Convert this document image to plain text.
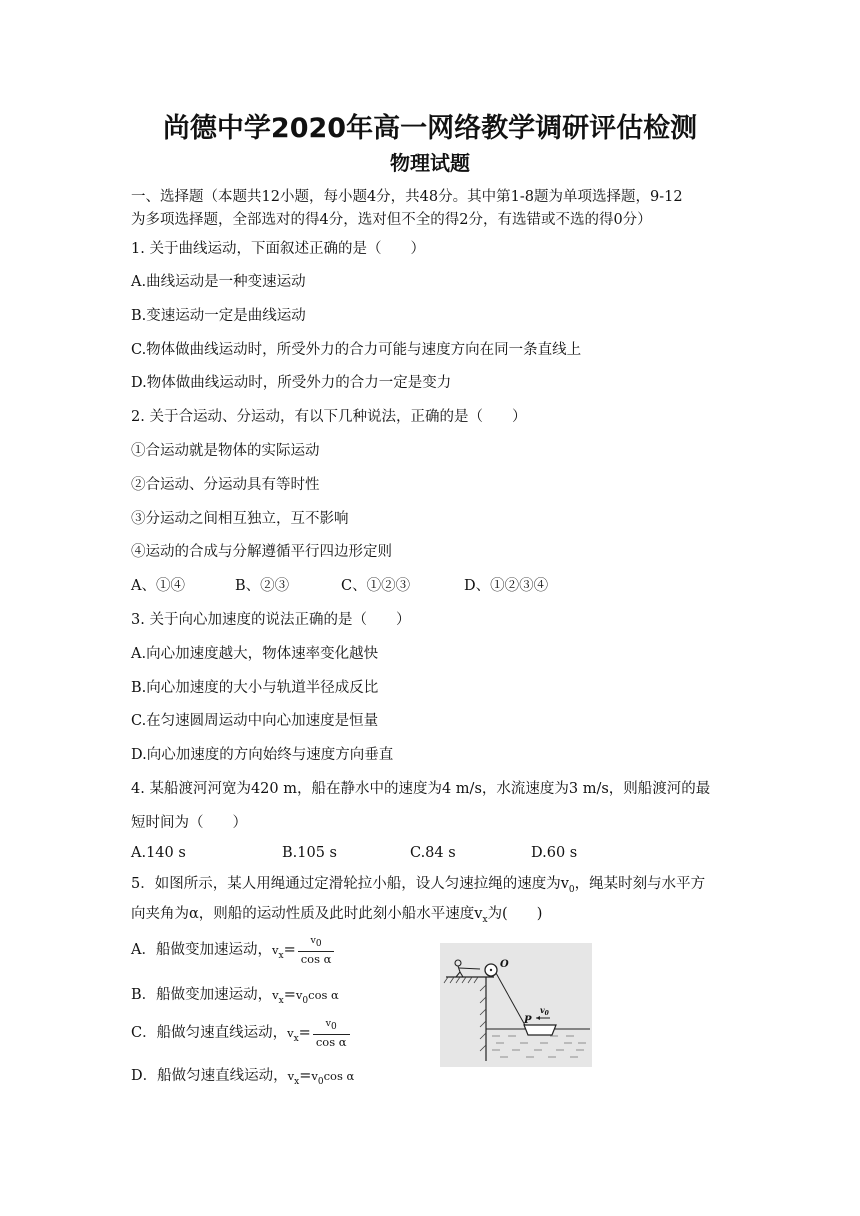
尚德中学2020年高一网络教学调研评估检测
物理试题
一、选择题（本题共12小题，每小题4分，共48分。其中第1-8题为单项选择题，9-12
为多项选择题，全部选对的得4分，选对但不全的得2分，有选错或不选的得0分）
1. 关于曲线运动，下面叙述正确的是（　　）
A.曲线运动是一种变速运动
B.变速运动一定是曲线运动
C.物体做曲线运动时，所受外力的合力可能与速度方向在同一条直线上
D.物体做曲线运动时，所受外力的合力一定是变力
2. 关于合运动、分运动，有以下几种说法，正确的是（　　）
①合运动就是物体的实际运动
②合运动、分运动具有等时性
③分运动之间相互独立，互不影响
④运动的合成与分解遵循平行四边形定则
A、①④	B、②③	C、①②③	D、①②③④
3. 关于向心加速度的说法正确的是（　　）
A.向心加速度越大，物体速率变化越快
B.向心加速度的大小与轨道半径成反比
C.在匀速圆周运动中向心加速度是恒量
D.向心加速度的方向始终与速度方向垂直
4. 某船渡河河宽为420 m，船在静水中的速度为4 m/s，水流速度为3 m/s，则船渡河的最
短时间为（　　）
A.140 s	B.105 s	C.84 s	D.60 s
5．如图所示，某人用绳通过定滑轮拉小船，设人匀速拉绳的速度为$v_0$，绳某时刻与水平方
向夹角为α，则船的运动性质及此时此刻小船水平速度$v_x$为(　　)
A．船做变加速运动，$v_x= \frac{v_0}{\text{cos α}}$
B．船做变加速运动，$v_x=v_0\cos$ α
C．船做匀速直线运动，$v_x= \frac{v_0}{\text{cos α}}$
D．船做匀速直线运动，$v_x=v_0\cos$ α
O
P
$v_0$
